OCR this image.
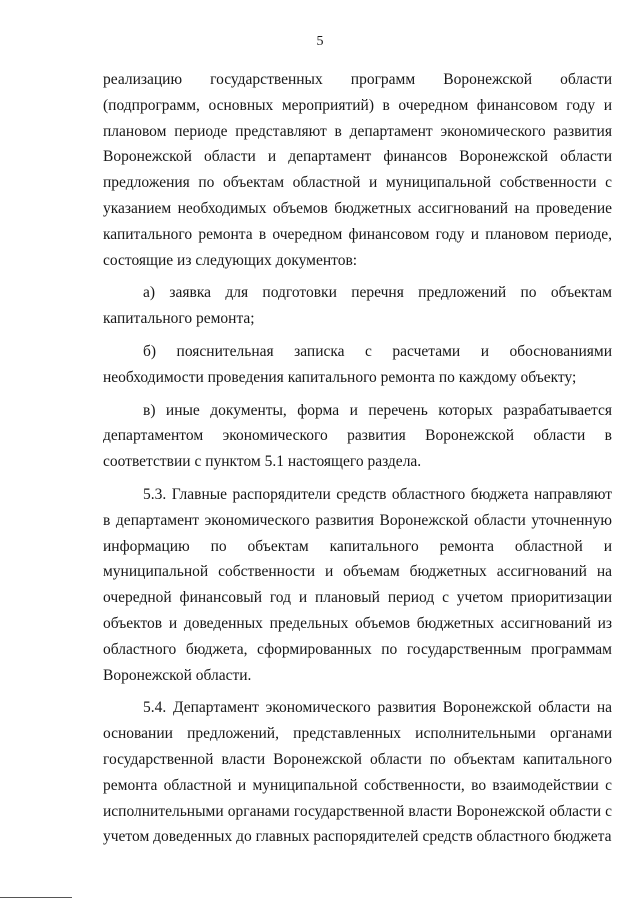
5

реализацию государственных программ Воронежской области (подпрограмм, основных мероприятий) в очередном финансовом году и плановом периоде представляют в департамент экономического развития Воронежской области и департамент финансов Воронежской области предложения по объектам областной и муниципальной собственности с указанием необходимых объемов бюджетных ассигнований на проведение капитального ремонта в очередном финансовом году и плановом периоде, состоящие из следующих документов:

а) заявка для подготовки перечня предложений по объектам капитального ремонта;

б) пояснительная записка с расчетами и обоснованиями необходимости проведения капитального ремонта по каждому объекту;

в) иные документы, форма и перечень которых разрабатывается департаментом экономического развития Воронежской области в соответствии с пунктом 5.1 настоящего раздела.

5.3. Главные распорядители средств областного бюджета направляют в департамент экономического развития Воронежской области уточненную информацию по объектам капитального ремонта областной и муниципальной собственности и объемам бюджетных ассигнований на очередной финансовый год и плановый период с учетом приоритизации объектов и доведенных предельных объемов бюджетных ассигнований из областного бюджета, сформированных по государственным программам Воронежской области.

5.4. Департамент экономического развития Воронежской области на основании предложений, представленных исполнительными органами государственной власти Воронежской области по объектам капитального ремонта областной и муниципальной собственности, во взаимодействии с исполнительными органами государственной власти Воронежской области с учетом доведенных до главных распорядителей средств областного бюджета
